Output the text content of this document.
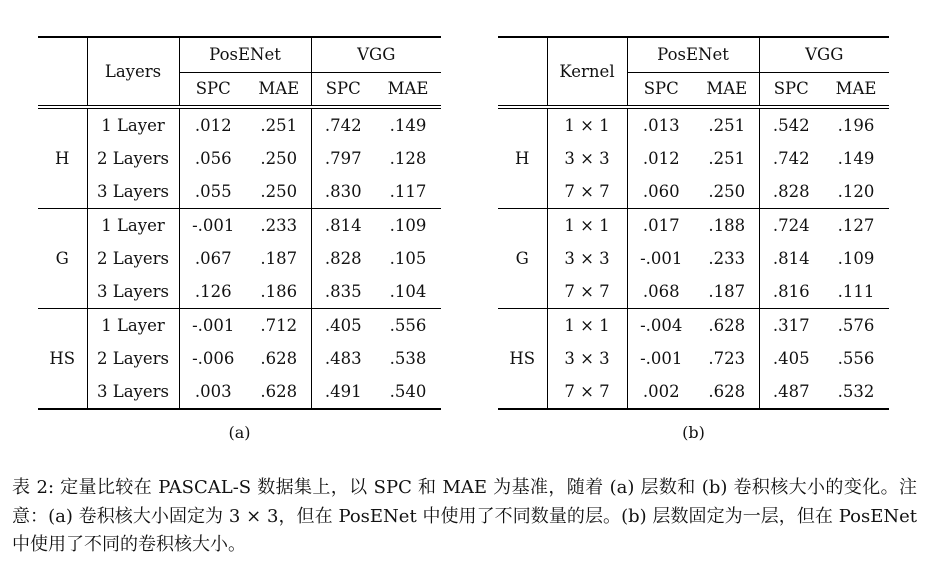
	Layers	PosENet		VGG	
		SPC	MAE	SPC	MAE
H	1 Layer	.012	.251	.742	.149
	2 Layers	.056	.250	.797	.128
	3 Layers	.055	.250	.830	.117
G	1 Layer	-.001	.233	.814	.109
	2 Layers	.067	.187	.828	.105
	3 Layers	.126	.186	.835	.104
HS	1 Layer	-.001	.712	.405	.556
	2 Layers	-.006	.628	.483	.538
	3 Layers	.003	.628	.491	.540
(a)
	Kernel	PosENet		VGG	
		SPC	MAE	SPC	MAE
H	1 × 1	.013	.251	.542	.196
	3 × 3	.012	.251	.742	.149
	7 × 7	.060	.250	.828	.120
G	1 × 1	.017	.188	.724	.127
	3 × 3	-.001	.233	.814	.109
	7 × 7	.068	.187	.816	.111
HS	1 × 1	-.004	.628	.317	.576
	3 × 3	-.001	.723	.405	.556
	7 × 7	.002	.628	.487	.532
(b)
表 2: 定量比较在 PASCAL-S 数据集上，以 SPC 和 MAE 为基准，随着 (a) 层数和 (b) 卷积核大小的变化。注意：(a) 卷积核大小固定为 3 × 3，但在 PosENet 中使用了不同数量的层。(b) 层数固定为一层，但在 PosENet 中使用了不同的卷积核大小。
